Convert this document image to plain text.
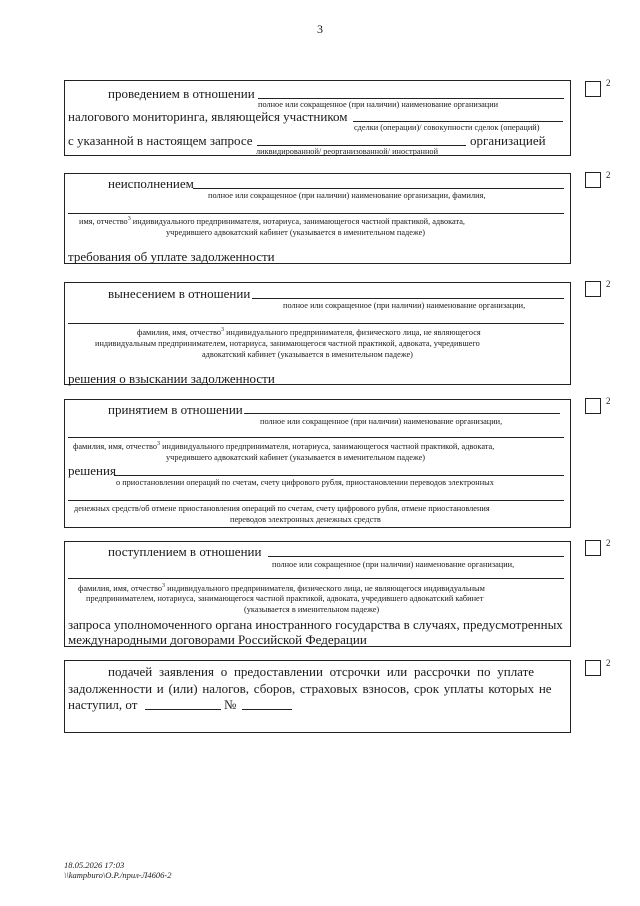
3
проведением в отношении
полное или сокращенное (при наличии) наименование организации
налогового мониторинга, являющейся участником
сделки (операции)/ совокупности сделок (операций)
с указанной в настоящем запросе	организацией
ликвидированной/ реорганизованной/ иностранной
2
неисполнением
полное или сокращенное (при наличии) наименование организации, фамилия,
имя, отчество$^3$ индивидуального предпринимателя, нотариуса, занимающегося частной практикой, адвоката,
учредившего адвокатский кабинет (указывается в именительном падеже)
требования об уплате задолженности
2
вынесением в отношении
полное или сокращенное (при наличии) наименование организации,
фамилия, имя, отчество$^3$ индивидуального предпринимателя, физического лица, не являющегося
индивидуальным предпринимателем, нотариуса, занимающегося частной практикой, адвоката, учредившего
адвокатский кабинет (указывается в именительном падеже)
решения о взыскании задолженности
2
принятием в отношении
полное или сокращенное (при наличии) наименование организации,
фамилия, имя, отчество$^3$ индивидуального предпринимателя, нотариуса, занимающегося частной практикой, адвоката,
учредившего адвокатский кабинет (указывается в именительном падеже)
решения
о приостановлении операций по счетам, счету цифрового рубля, приостановлении переводов электронных
денежных средств/об отмене приостановления операций по счетам, счету цифрового рубля, отмене приостановления
переводов электронных денежных средств
2
поступлением в отношении
полное или сокращенное (при наличии) наименование организации,
фамилия, имя, отчество$^3$ индивидуального предпринимателя, физического лица, не являющегося индивидуальным
предпринимателем, нотариуса, занимающегося частной практикой, адвоката, учредившего адвокатский кабинет
(указывается в именительном падеже)
запроса уполномоченного органа иностранного государства в случаях, предусмотренных
международными договорами Российской Федерации
2
подачей заявления о предоставлении отсрочки или рассрочки по уплате
задолженности и (или) налогов, сборов, страховых взносов, срок уплаты которых не
наступил, от	№
2
18.05.2026 17:03
\\kampburo\О.Р./прил-Л4606-2
